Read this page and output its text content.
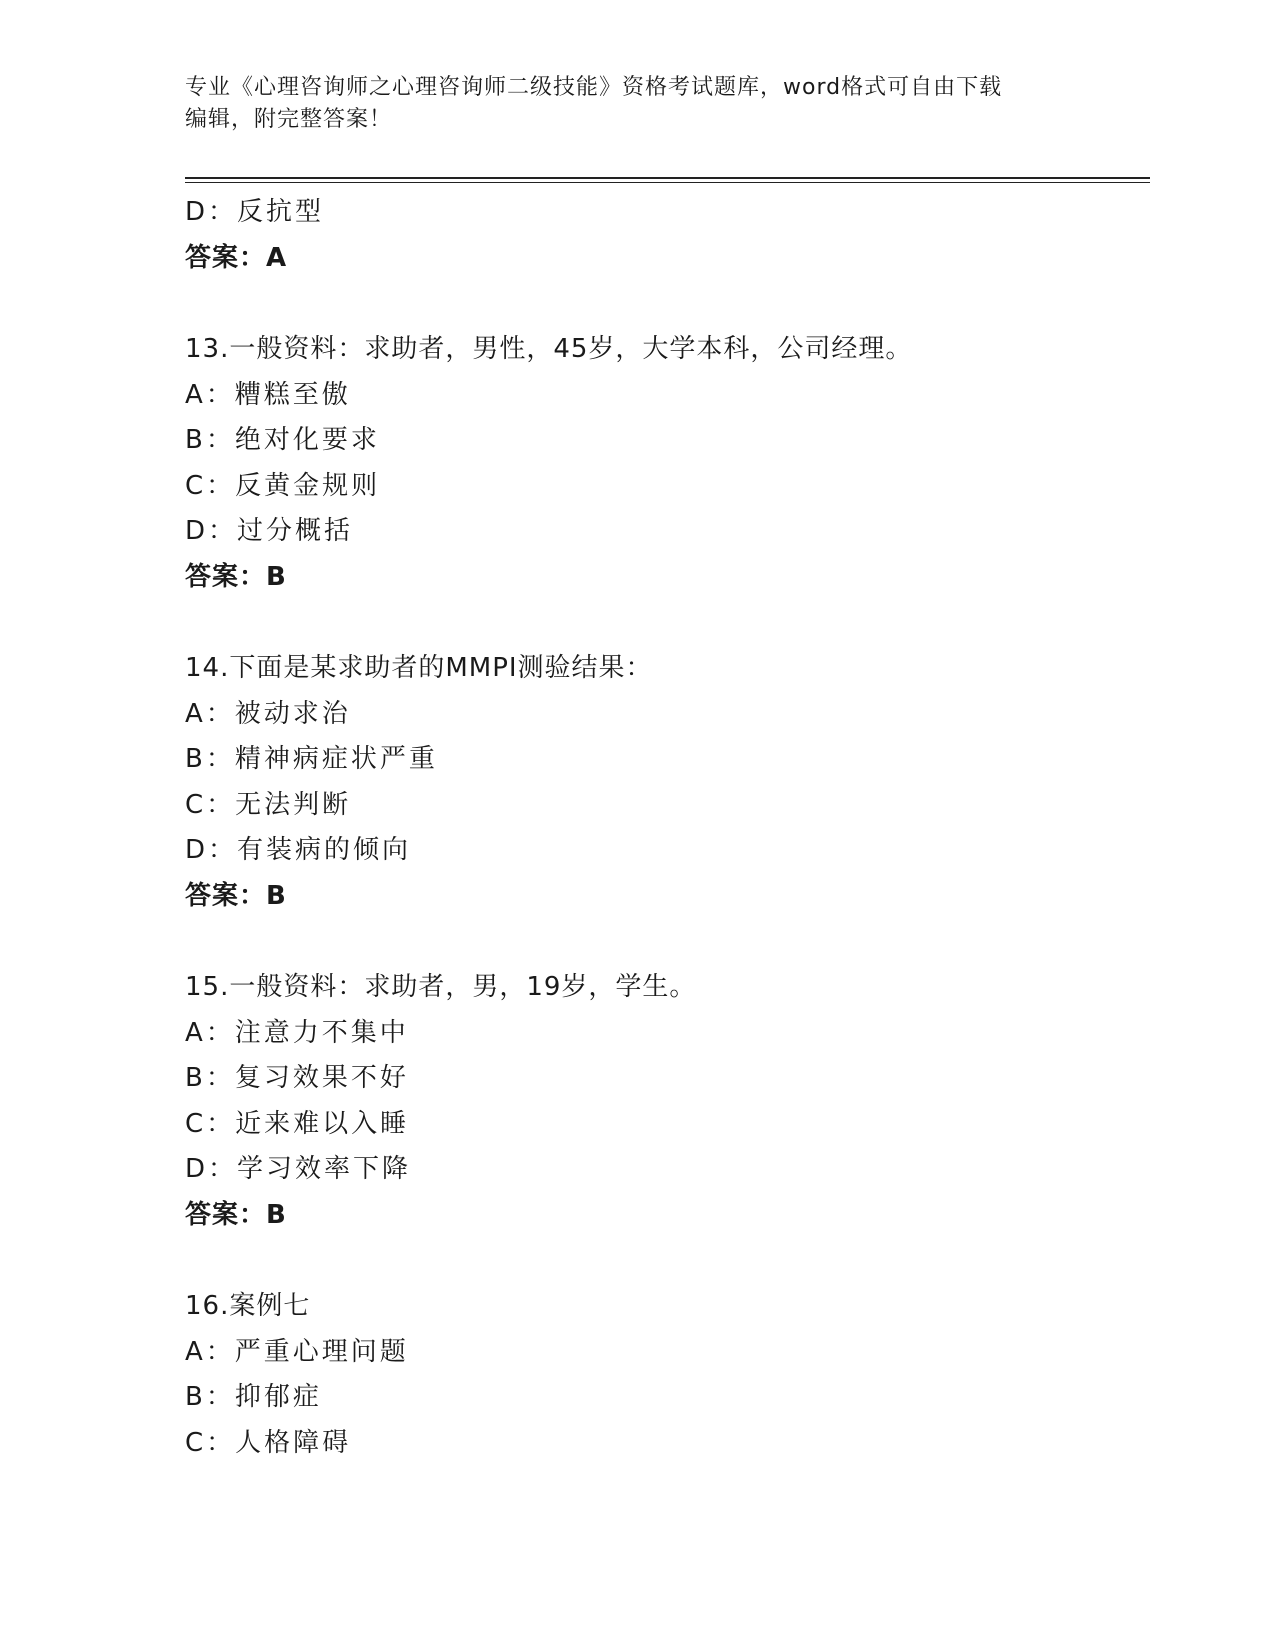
专业《心理咨询师之心理咨询师二级技能》资格考试题库，word格式可自由下载
编辑，附完整答案！
D：反抗型
答案：A
13.一般资料：求助者，男性，45岁，大学本科，公司经理。
A：糟糕至傲
B：绝对化要求
C：反黄金规则
D：过分概括
答案：B
14.下面是某求助者的MMPI测验结果：
A：被动求治
B：精神病症状严重
C：无法判断
D：有装病的倾向
答案：B
15.一般资料：求助者，男，19岁，学生。
A：注意力不集中
B：复习效果不好
C：近来难以入睡
D：学习效率下降
答案：B
16.案例七
A：严重心理问题
B：抑郁症
C：人格障碍
